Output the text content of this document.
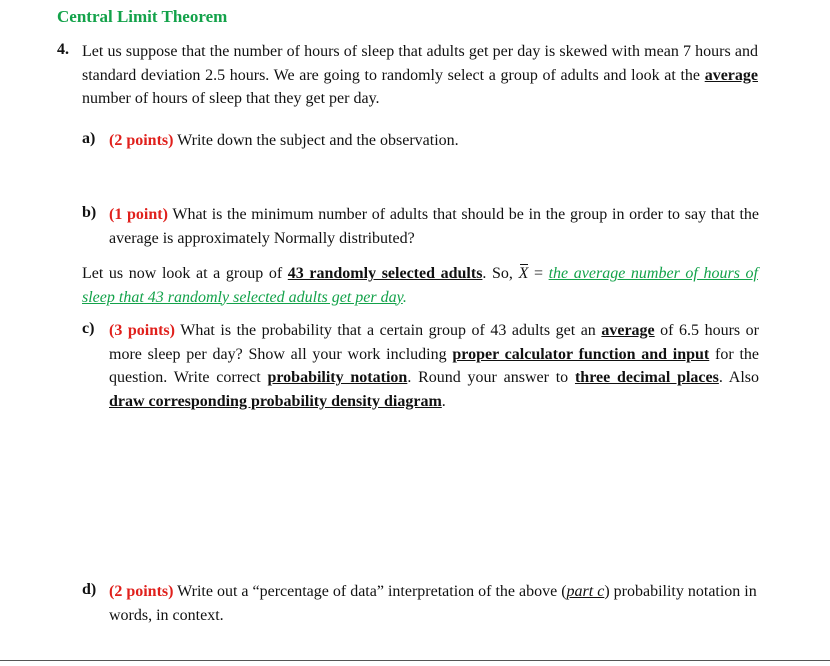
Central Limit Theorem
4. Let us suppose that the number of hours of sleep that adults get per day is skewed with mean 7 hours and standard deviation 2.5 hours. We are going to randomly select a group of adults and look at the average number of hours of sleep that they get per day.
a) (2 points) Write down the subject and the observation.
b) (1 point) What is the minimum number of adults that should be in the group in order to say that the average is approximately Normally distributed?
Let us now look at a group of 43 randomly selected adults. So, X = the average number of hours of sleep that 43 randomly selected adults get per day.
c) (3 points) What is the probability that a certain group of 43 adults get an average of 6.5 hours or more sleep per day? Show all your work including proper calculator function and input for the question. Write correct probability notation. Round your answer to three decimal places. Also draw corresponding probability density diagram.
d) (2 points) Write out a “percentage of data” interpretation of the above (part c) probability notation in words, in context.
